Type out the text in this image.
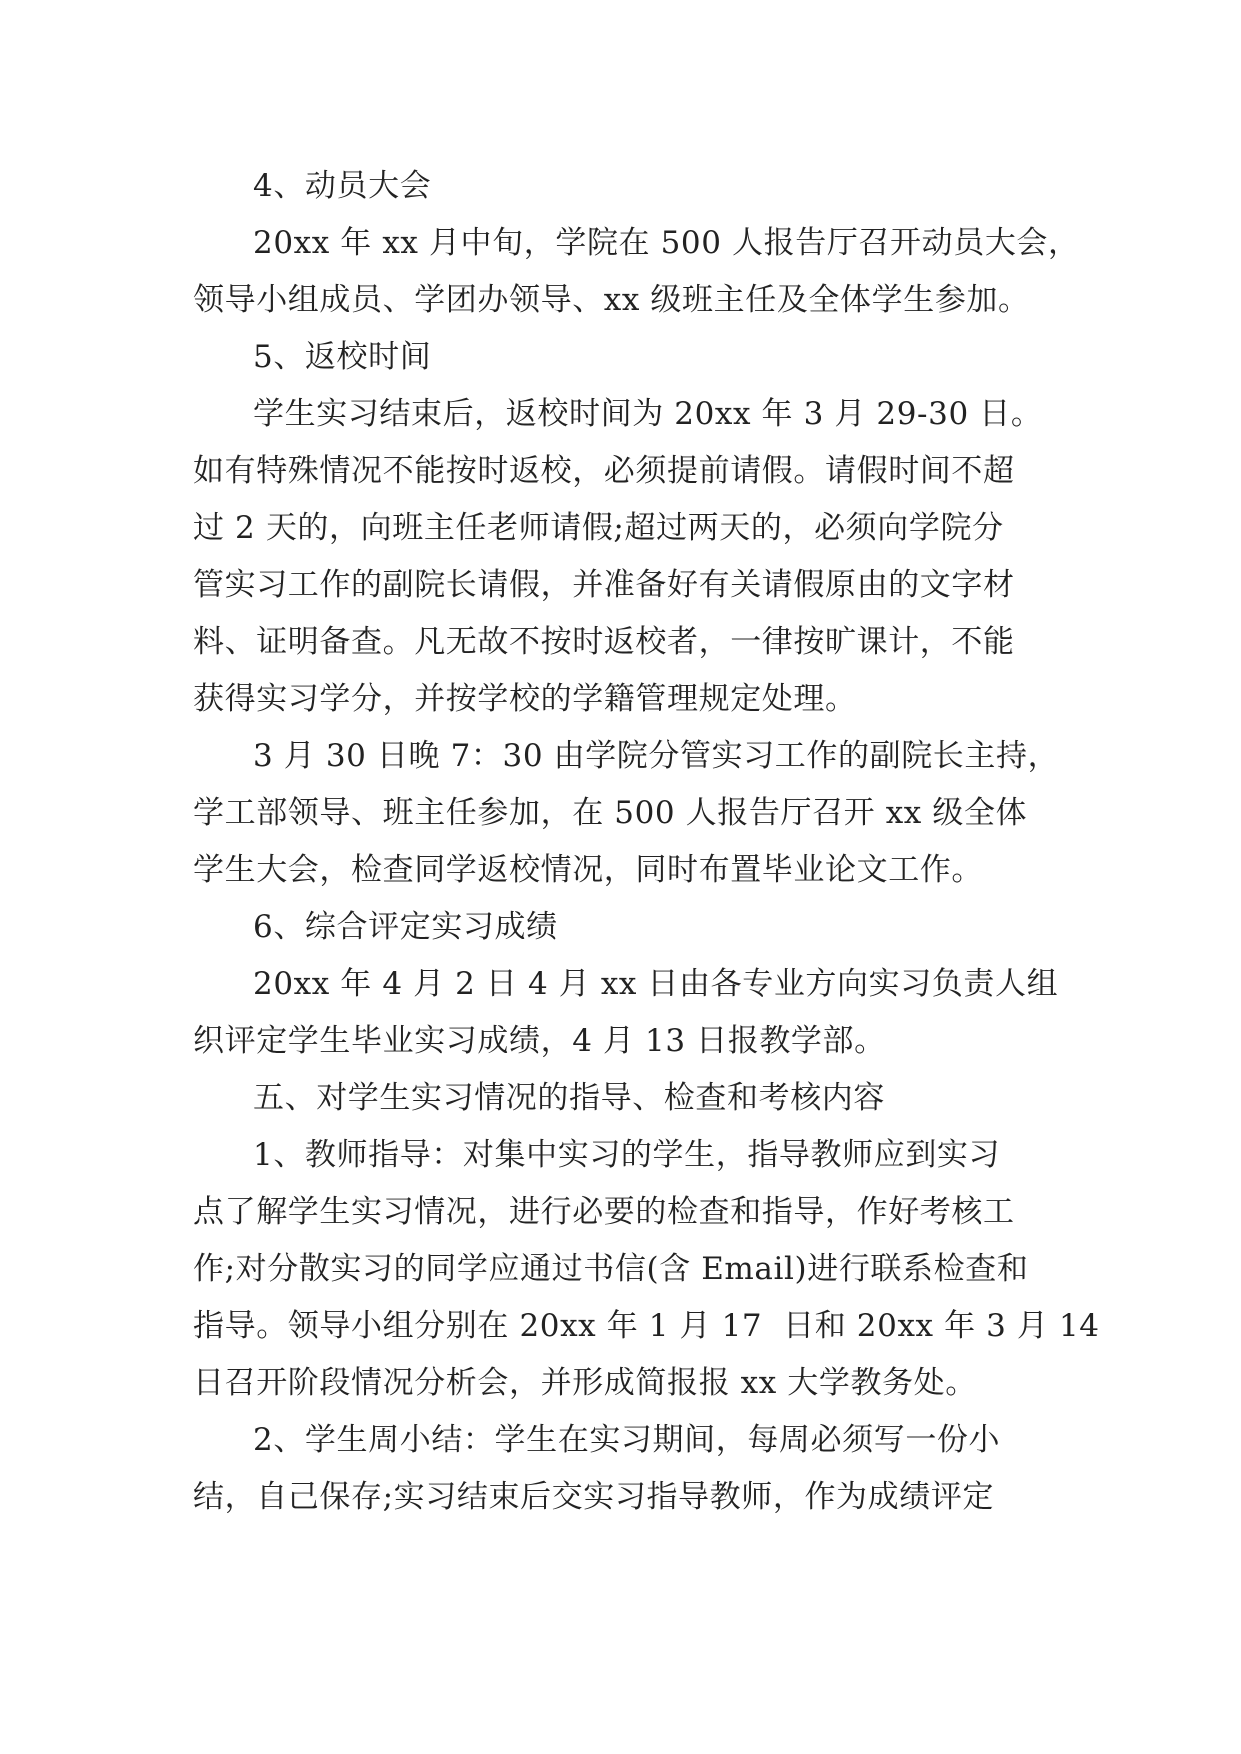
4、动员大会
20xx 年 xx 月中旬，学院在 500 人报告厅召开动员大会，
领导小组成员、学团办领导、xx 级班主任及全体学生参加。
5、返校时间
学生实习结束后，返校时间为 20xx 年 3 月 29-30 日。
如有特殊情况不能按时返校，必须提前请假。请假时间不超
过 2 天的，向班主任老师请假;超过两天的，必须向学院分
管实习工作的副院长请假，并准备好有关请假原由的文字材
料、证明备查。凡无故不按时返校者，一律按旷课计，不能
获得实习学分，并按学校的学籍管理规定处理。
3 月 30 日晚 7：30 由学院分管实习工作的副院长主持，
学工部领导、班主任参加，在 500 人报告厅召开 xx 级全体
学生大会，检查同学返校情况，同时布置毕业论文工作。
6、综合评定实习成绩
20xx 年 4 月 2 日 4 月 xx 日由各专业方向实习负责人组
织评定学生毕业实习成绩，4 月 13 日报教学部。
五、对学生实习情况的指导、检查和考核内容
1、教师指导：对集中实习的学生，指导教师应到实习
点了解学生实习情况，进行必要的检查和指导，作好考核工
作;对分散实习的同学应通过书信(含 Email)进行联系检查和
指导。领导小组分别在 20xx 年 1 月 17  日和 20xx 年 3 月 14
日召开阶段情况分析会，并形成简报报 xx 大学教务处。
2、学生周小结：学生在实习期间，每周必须写一份小
结，自己保存;实习结束后交实习指导教师，作为成绩评定
